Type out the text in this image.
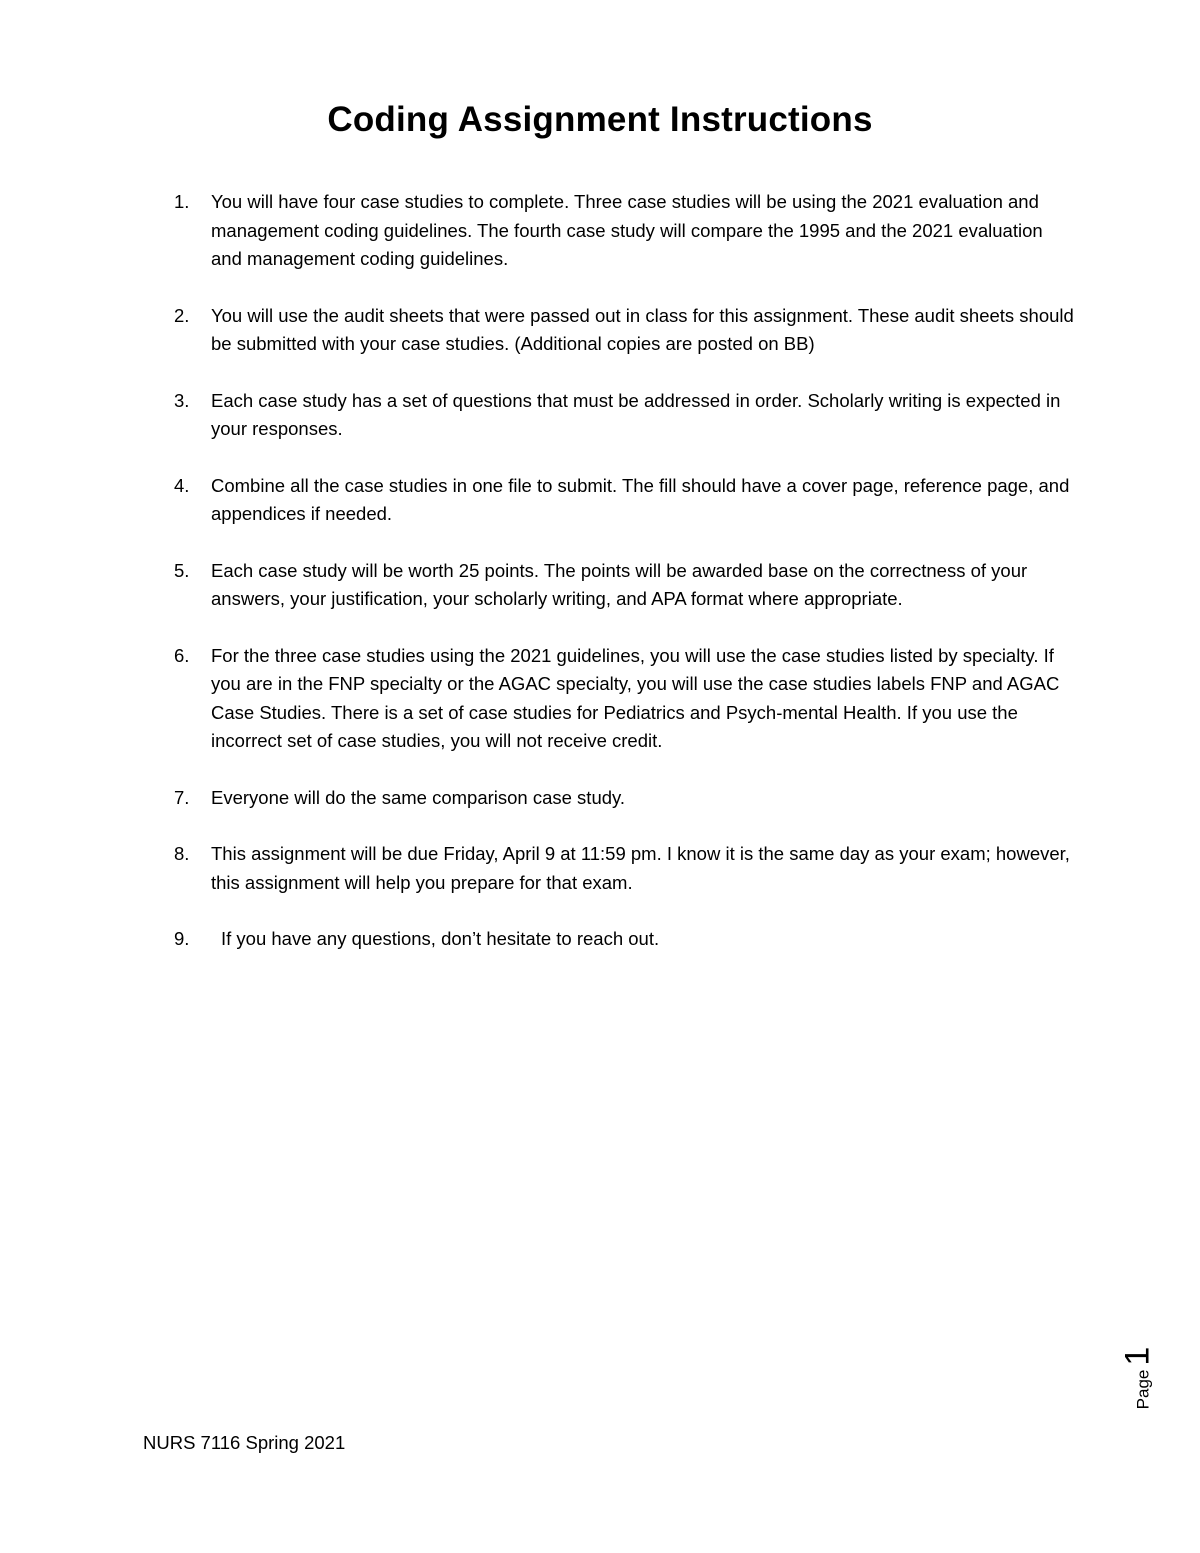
Coding Assignment Instructions
1. You will have four case studies to complete. Three case studies will be using the 2021 evaluation and management coding guidelines. The fourth case study will compare the 1995 and the 2021 evaluation and management coding guidelines.
2. You will use the audit sheets that were passed out in class for this assignment. These audit sheets should be submitted with your case studies. (Additional copies are posted on BB)
3. Each case study has a set of questions that must be addressed in order. Scholarly writing is expected in your responses.
4. Combine all the case studies in one file to submit. The fill should have a cover page, reference page, and appendices if needed.
5. Each case study will be worth 25 points. The points will be awarded base on the correctness of your answers, your justification, your scholarly writing, and APA format where appropriate.
6. For the three case studies using the 2021 guidelines, you will use the case studies listed by specialty. If you are in the FNP specialty or the AGAC specialty, you will use the case studies labels FNP and AGAC Case Studies. There is a set of case studies for Pediatrics and Psych-mental Health. If you use the incorrect set of case studies, you will not receive credit.
7. Everyone will do the same comparison case study.
8. This assignment will be due Friday, April 9 at 11:59 pm. I know it is the same day as your exam; however, this assignment will help you prepare for that exam.
9.	If you have any questions, don’t hesitate to reach out.
NURS 7116 Spring 2021
Page
1
